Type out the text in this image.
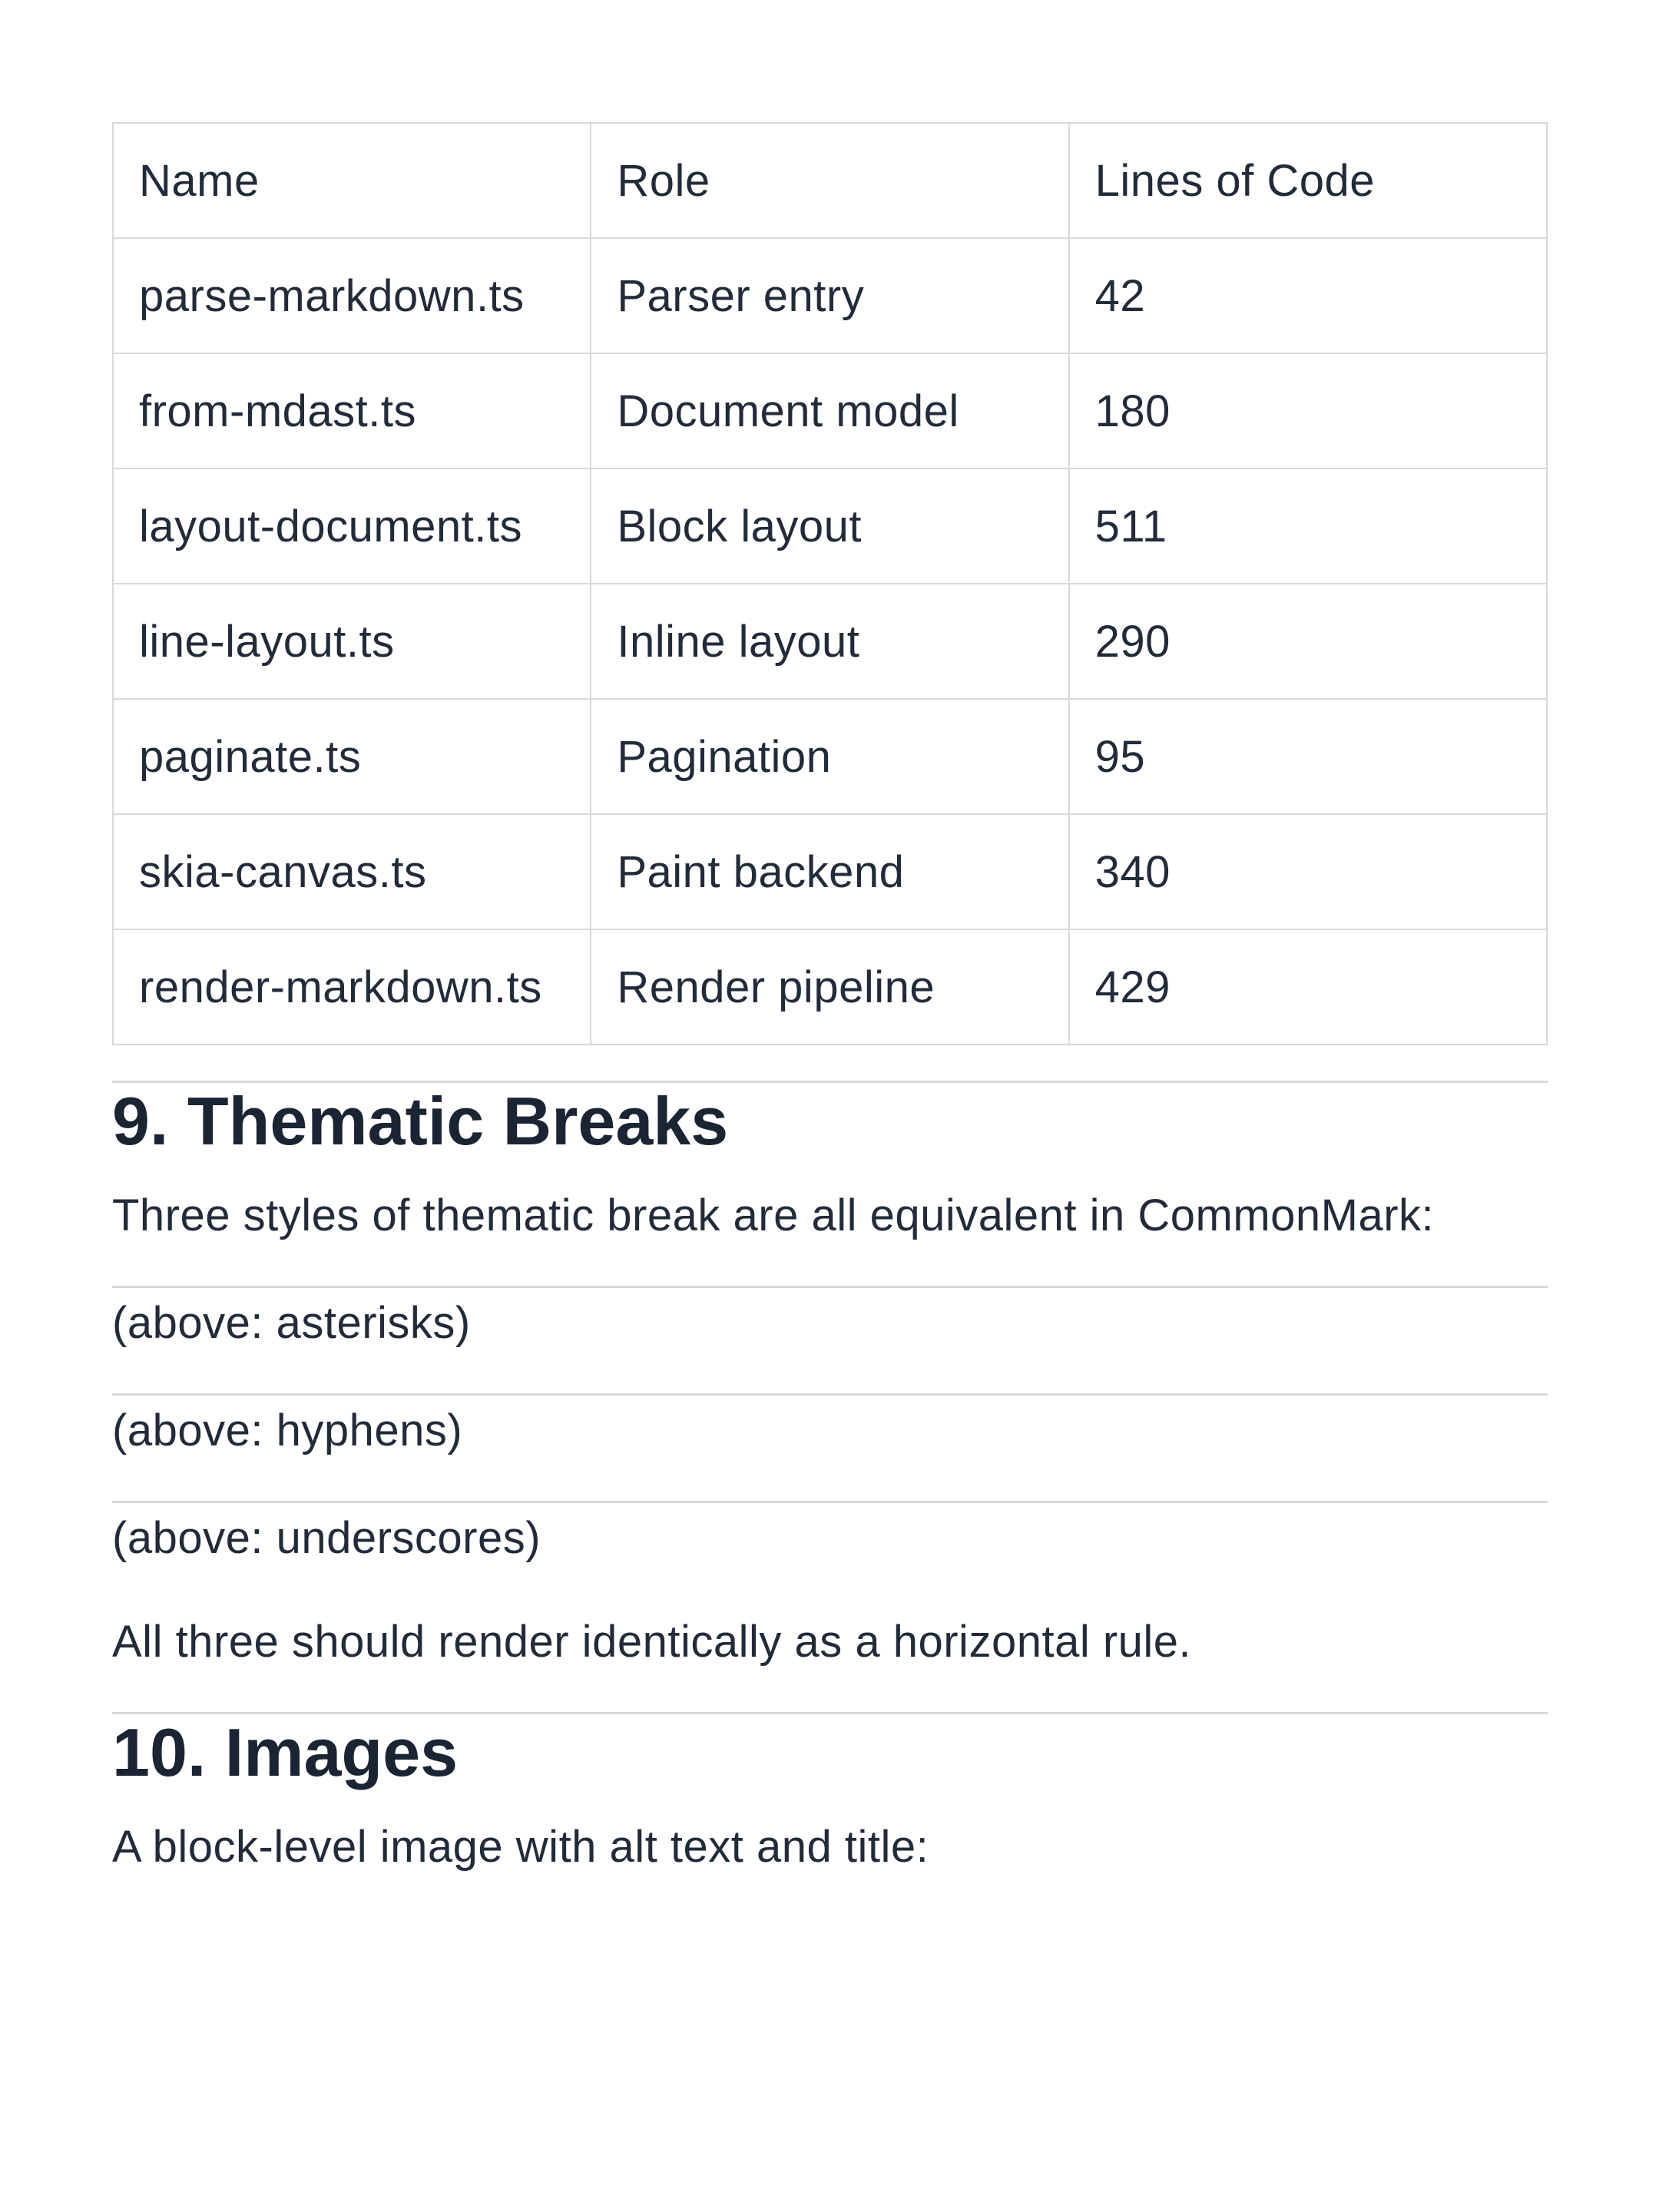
Name	Role	Lines of Code
parse-markdown.ts	Parser entry	42
from-mdast.ts	Document model	180
layout-document.ts	Block layout	511
line-layout.ts	Inline layout	290
paginate.ts	Pagination	95
skia-canvas.ts	Paint backend	340
render-markdown.ts	Render pipeline	429
9. Thematic Breaks

Three styles of thematic break are all equivalent in CommonMark:

(above: asterisks)

(above: hyphens)

(above: underscores)

All three should render identically as a horizontal rule.

10. Images

A block-level image with alt text and title:
